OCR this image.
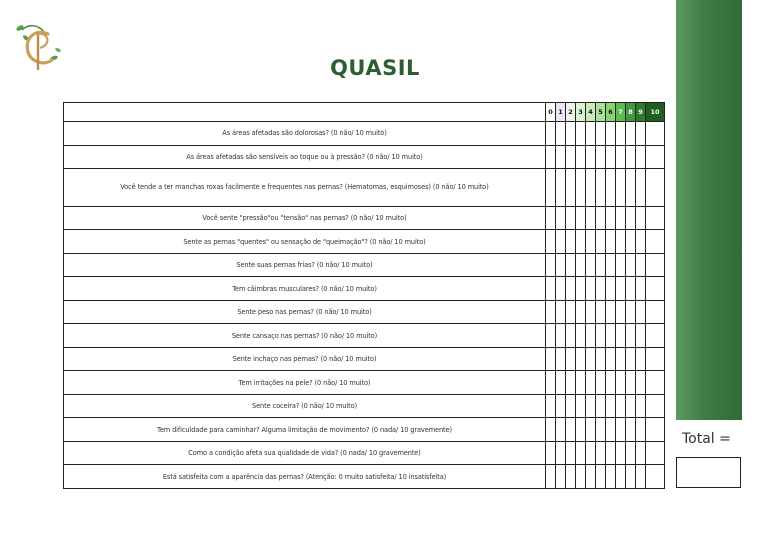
QUASIL
	0	1	2	3	4	5	6	7	8	9	10
As áreas afetadas são dolorosas? (0 não/ 10 muito)											
As áreas afetadas são sensíveis ao toque ou à pressão? (0 não/ 10 muito)											
Você tende a ter manchas roxas facilmente e frequentes nas pernas? (Hematomas, esquimoses) (0 não/ 10 muito)											
Você sente "pressão"ou "tensão" nas pernas? (0 não/ 10 muito)											
Sente as pernas "quentes" ou sensação de "queimação"? (0 não/ 10 muito)											
Sente suas pernas frias? (0 não/ 10 muito)											
Tem câimbras musculares? (0 não/ 10 muito)											
Sente peso nas pernas? (0 não/ 10 muito)											
Sente cansaço nas pernas? (0 não/ 10 muito)											
Sente inchaço nas pernas? (0 não/ 10 muito)											
Tem irritações na pele? (0 não/ 10 muito)											
Sente coceira? (0 não/ 10 muito)											
Tem dificuldade para caminhar? Alguma limitação de movimento? (0 nada/ 10 gravemente)											
Como a condição afeta sua qualidade de vida? (0 nada/ 10 gravemente)											
Está satisfeita com a aparência das pernas? (Atenção: 0 muito satisfeita/ 10 insatisfeita)											
Total =
